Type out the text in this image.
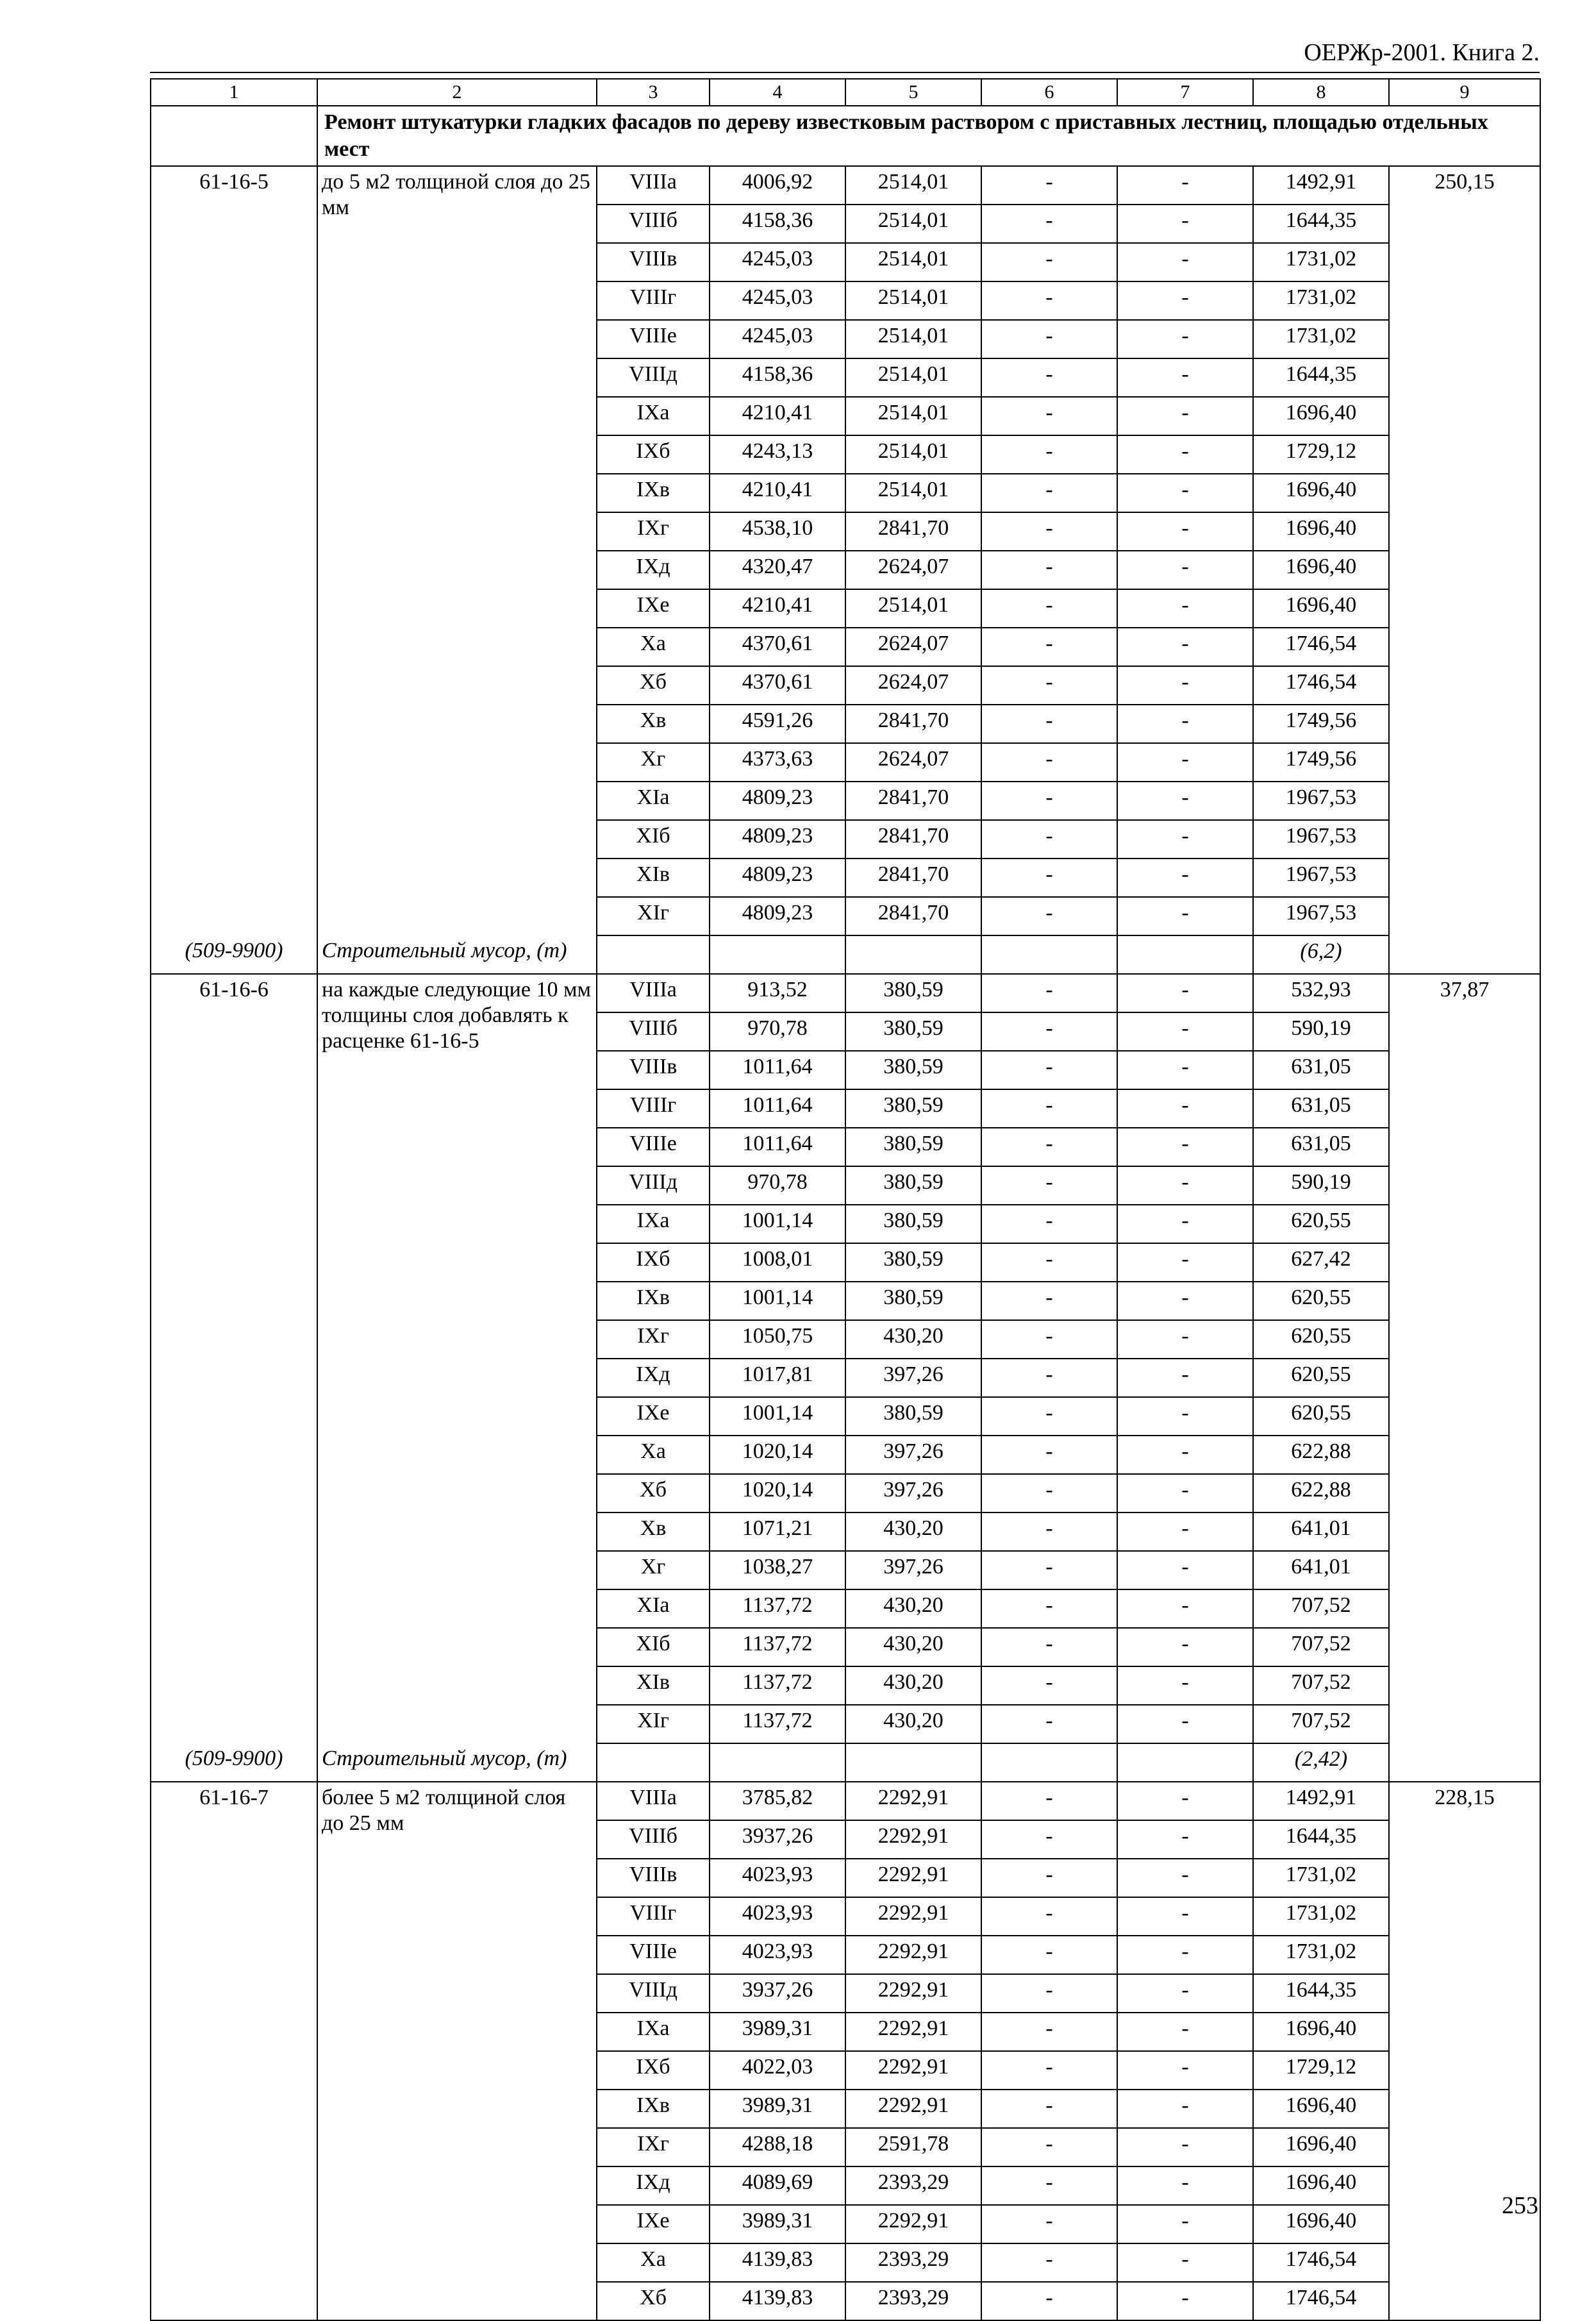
ОЕРЖр-2001. Книга 2.
1	2	3	4	5	6	7	8	9
	Ремонт штукатурки гладких фасадов по дереву известковым раствором с приставных лестниц, площадью отдельных мест							
61-16-5	до 5 м2 толщиной слоя до 25 мм	VIIIа	4006,92	2514,01	-	-	1492,91	250,15
		VIIIб	4158,36	2514,01	-	-	1644,35	
		VIIIв	4245,03	2514,01	-	-	1731,02	
		VIIIг	4245,03	2514,01	-	-	1731,02	
		VIIIе	4245,03	2514,01	-	-	1731,02	
		VIIIд	4158,36	2514,01	-	-	1644,35	
		IXа	4210,41	2514,01	-	-	1696,40	
		IXб	4243,13	2514,01	-	-	1729,12	
		IXв	4210,41	2514,01	-	-	1696,40	
		IXг	4538,10	2841,70	-	-	1696,40	
		IXд	4320,47	2624,07	-	-	1696,40	
		IXе	4210,41	2514,01	-	-	1696,40	
		Xа	4370,61	2624,07	-	-	1746,54	
		Xб	4370,61	2624,07	-	-	1746,54	
		Xв	4591,26	2841,70	-	-	1749,56	
		Xг	4373,63	2624,07	-	-	1749,56	
		XIа	4809,23	2841,70	-	-	1967,53	
		XIб	4809,23	2841,70	-	-	1967,53	
		XIв	4809,23	2841,70	-	-	1967,53	
		XIг	4809,23	2841,70	-	-	1967,53	
(509-9900)	Строительный мусор, (т)						(6,2)	
61-16-6	на каждые следующие 10 мм толщины слоя добавлять к расценке 61-16-5	VIIIа	913,52	380,59	-	-	532,93	37,87
		VIIIб	970,78	380,59	-	-	590,19	
		VIIIв	1011,64	380,59	-	-	631,05	
		VIIIг	1011,64	380,59	-	-	631,05	
		VIIIе	1011,64	380,59	-	-	631,05	
		VIIIд	970,78	380,59	-	-	590,19	
		IXа	1001,14	380,59	-	-	620,55	
		IXб	1008,01	380,59	-	-	627,42	
		IXв	1001,14	380,59	-	-	620,55	
		IXг	1050,75	430,20	-	-	620,55	
		IXд	1017,81	397,26	-	-	620,55	
		IXе	1001,14	380,59	-	-	620,55	
		Xа	1020,14	397,26	-	-	622,88	
		Xб	1020,14	397,26	-	-	622,88	
		Xв	1071,21	430,20	-	-	641,01	
		Xг	1038,27	397,26	-	-	641,01	
		XIа	1137,72	430,20	-	-	707,52	
		XIб	1137,72	430,20	-	-	707,52	
		XIв	1137,72	430,20	-	-	707,52	
		XIг	1137,72	430,20	-	-	707,52	
(509-9900)	Строительный мусор, (т)						(2,42)	
61-16-7	более 5 м2 толщиной слоя до 25 мм	VIIIа	3785,82	2292,91	-	-	1492,91	228,15
		VIIIб	3937,26	2292,91	-	-	1644,35	
		VIIIв	4023,93	2292,91	-	-	1731,02	
		VIIIг	4023,93	2292,91	-	-	1731,02	
		VIIIе	4023,93	2292,91	-	-	1731,02	
		VIIIд	3937,26	2292,91	-	-	1644,35	
		IXа	3989,31	2292,91	-	-	1696,40	
		IXб	4022,03	2292,91	-	-	1729,12	
		IXв	3989,31	2292,91	-	-	1696,40	
		IXг	4288,18	2591,78	-	-	1696,40	
		IXд	4089,69	2393,29	-	-	1696,40	
		IXе	3989,31	2292,91	-	-	1696,40	
		Xа	4139,83	2393,29	-	-	1746,54	
		Xб	4139,83	2393,29	-	-	1746,54	
253
